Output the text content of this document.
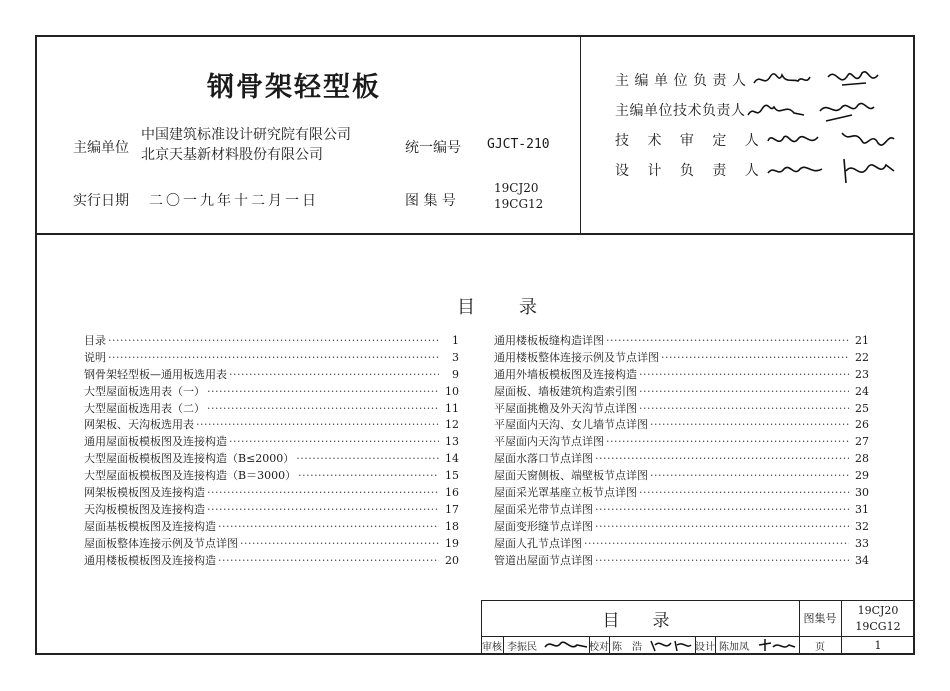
钢骨架轻型板
主编单位
中国建筑标准设计研究院有限公司
北京天基新材料股份有限公司	统一编号 GJCT-210
实行日期 二〇一九年十二月一日	图 集 号
19CJ20
19CG12
主编单位负责人
主编单位技术负责人
技 术 审 定 人
设 计 负 责 人
目录
目录 ·····	1
说明 ·····	3
钢骨架轻型板—通用板选用表 ·····	9
大型屋面板选用表（一） ·····	10
大型屋面板选用表（二） ·····	11
网架板、天沟板选用表 ·····	12
通用屋面板模板图及连接构造 ·····	13
大型屋面板模板图及连接构造（B≤2000） ·····	14
大型屋面板模板图及连接构造（B＝3000） ·····	15
网架板模板图及连接构造 ·····	16
天沟板模板图及连接构造 ·····	17
屋面基板模板图及连接构造 ·····	18
屋面板整体连接示例及节点详图 ·····	19
通用楼板模板图及连接构造 ·····	20
通用楼板板缝构造详图 ·····	21
通用楼板整体连接示例及节点详图 ·····	22
通用外墙板模板图及连接构造 ·····	23
屋面板、墙板建筑构造索引图 ·····	24
平屋面挑檐及外天沟节点详图 ·····	25
平屋面内天沟、女儿墙节点详图 ·····	26
平屋面内天沟节点详图 ·····	27
屋面水落口节点详图 ·····	28
屋面天窗侧板、端壁板节点详图 ·····	29
屋面采光罩基座立板节点详图 ·····	30
屋面采光带节点详图 ·····	31
屋面变形缝节点详图 ·····	32
屋面人孔节点详图 ·····	33
管道出屋面节点详图 ·····	34
目　录	图集号
19CJ20
19CG12
审核 李振民	校对 陈　浩	设计 陈加凤	页	1
